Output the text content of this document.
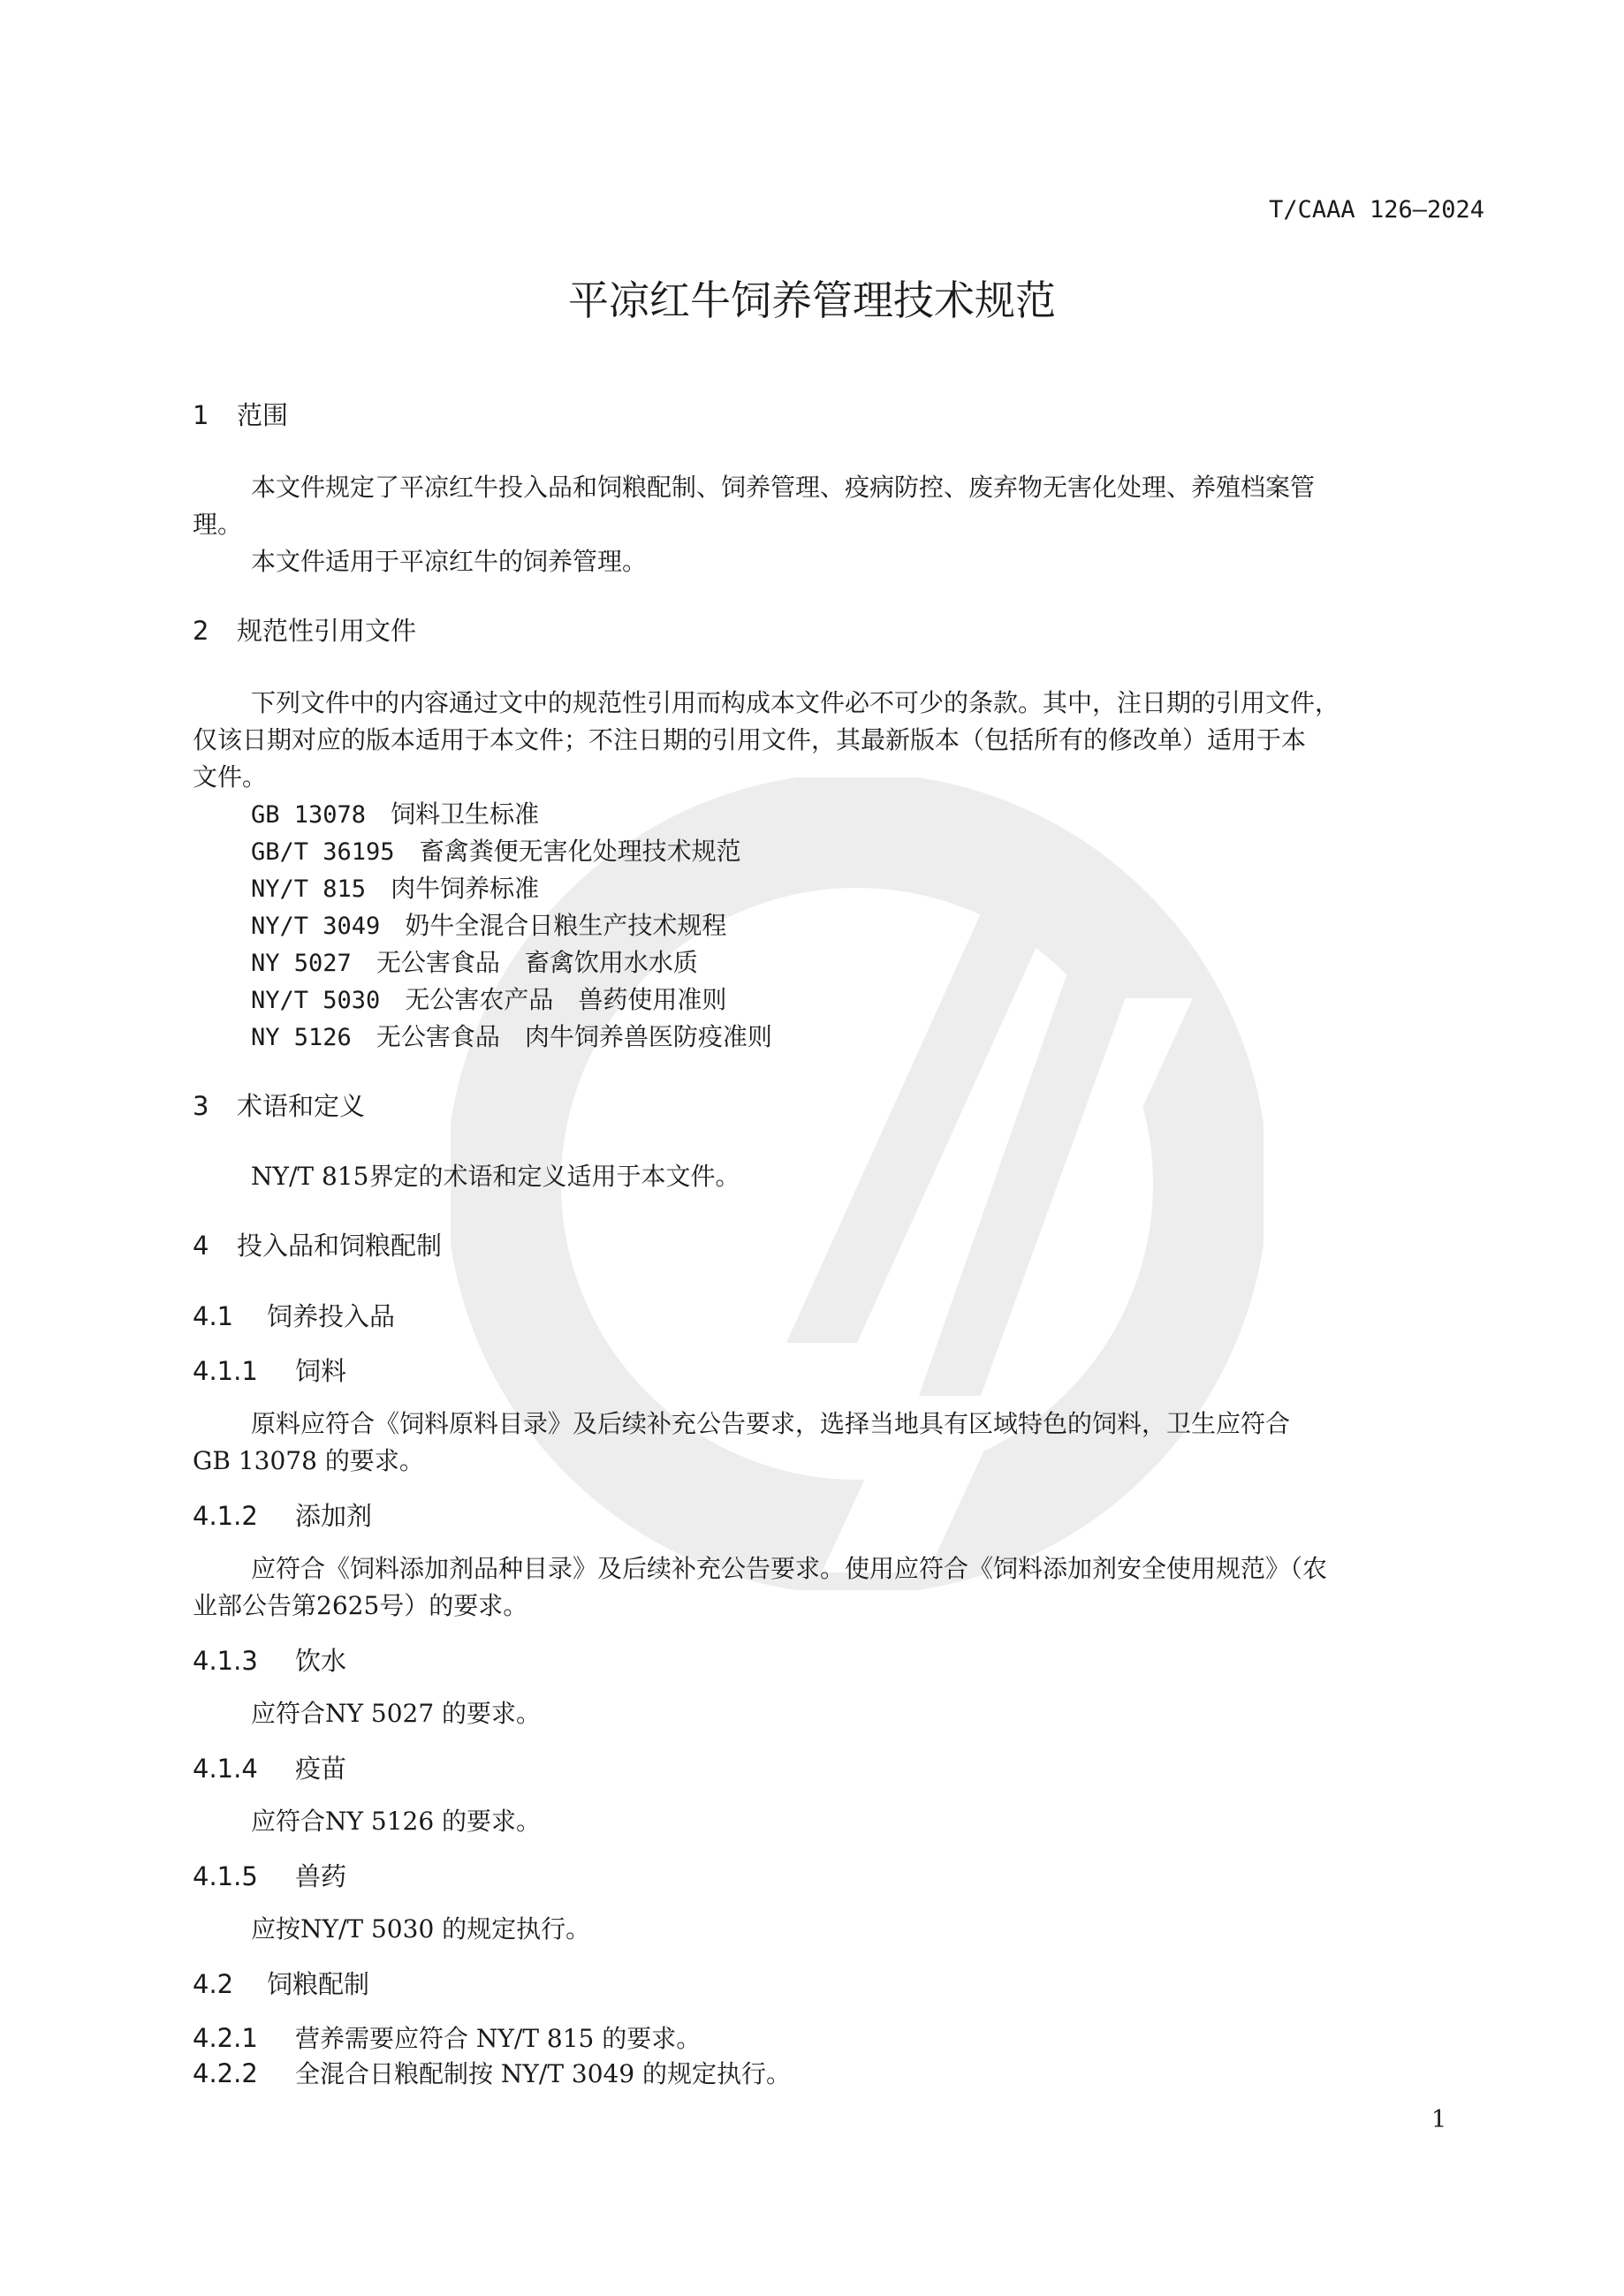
T/CAAA 126—2024
平凉红牛饲养管理技术规范
1 范围
本文件规定了平凉红牛投入品和饲粮配制、饲养管理、疫病防控、废弃物无害化处理、养殖档案管
理。
本文件适用于平凉红牛的饲养管理。
2 规范性引用文件
下列文件中的内容通过文中的规范性引用而构成本文件必不可少的条款。其中，注日期的引用文件，
仅该日期对应的版本适用于本文件；不注日期的引用文件，其最新版本（包括所有的修改单）适用于本
文件。
GB 13078　 饲料卫生标准
GB/T 36195　 畜禽粪便无害化处理技术规范
NY/T 815　 肉牛饲养标准
NY/T 3049　 奶牛全混合日粮生产技术规程
NY 5027　 无公害食品　畜禽饮用水水质
NY/T 5030　 无公害农产品　兽药使用准则
NY 5126　 无公害食品　肉牛饲养兽医防疫准则
3 术语和定义
NY/T 815界定的术语和定义适用于本文件。
4 投入品和饲粮配制
4.1 饲养投入品
4.1.1 饲料
原料应符合《饲料原料目录》及后续补充公告要求，选择当地具有区域特色的饲料，卫生应符合
GB 13078 的要求。
4.1.2 添加剂
应符合《饲料添加剂品种目录》及后续补充公告要求。使用应符合《饲料添加剂安全使用规范》（农
业部公告第2625号）的要求。
4.1.3 饮水
应符合NY 5027 的要求。
4.1.4 疫苗
应符合NY 5126 的要求。
4.1.5 兽药
应按NY/T 5030 的规定执行。
4.2 饲粮配制
4.2.1 营养需要应符合 NY/T 815 的要求。
4.2.2 全混合日粮配制按 NY/T 3049 的规定执行。
1
